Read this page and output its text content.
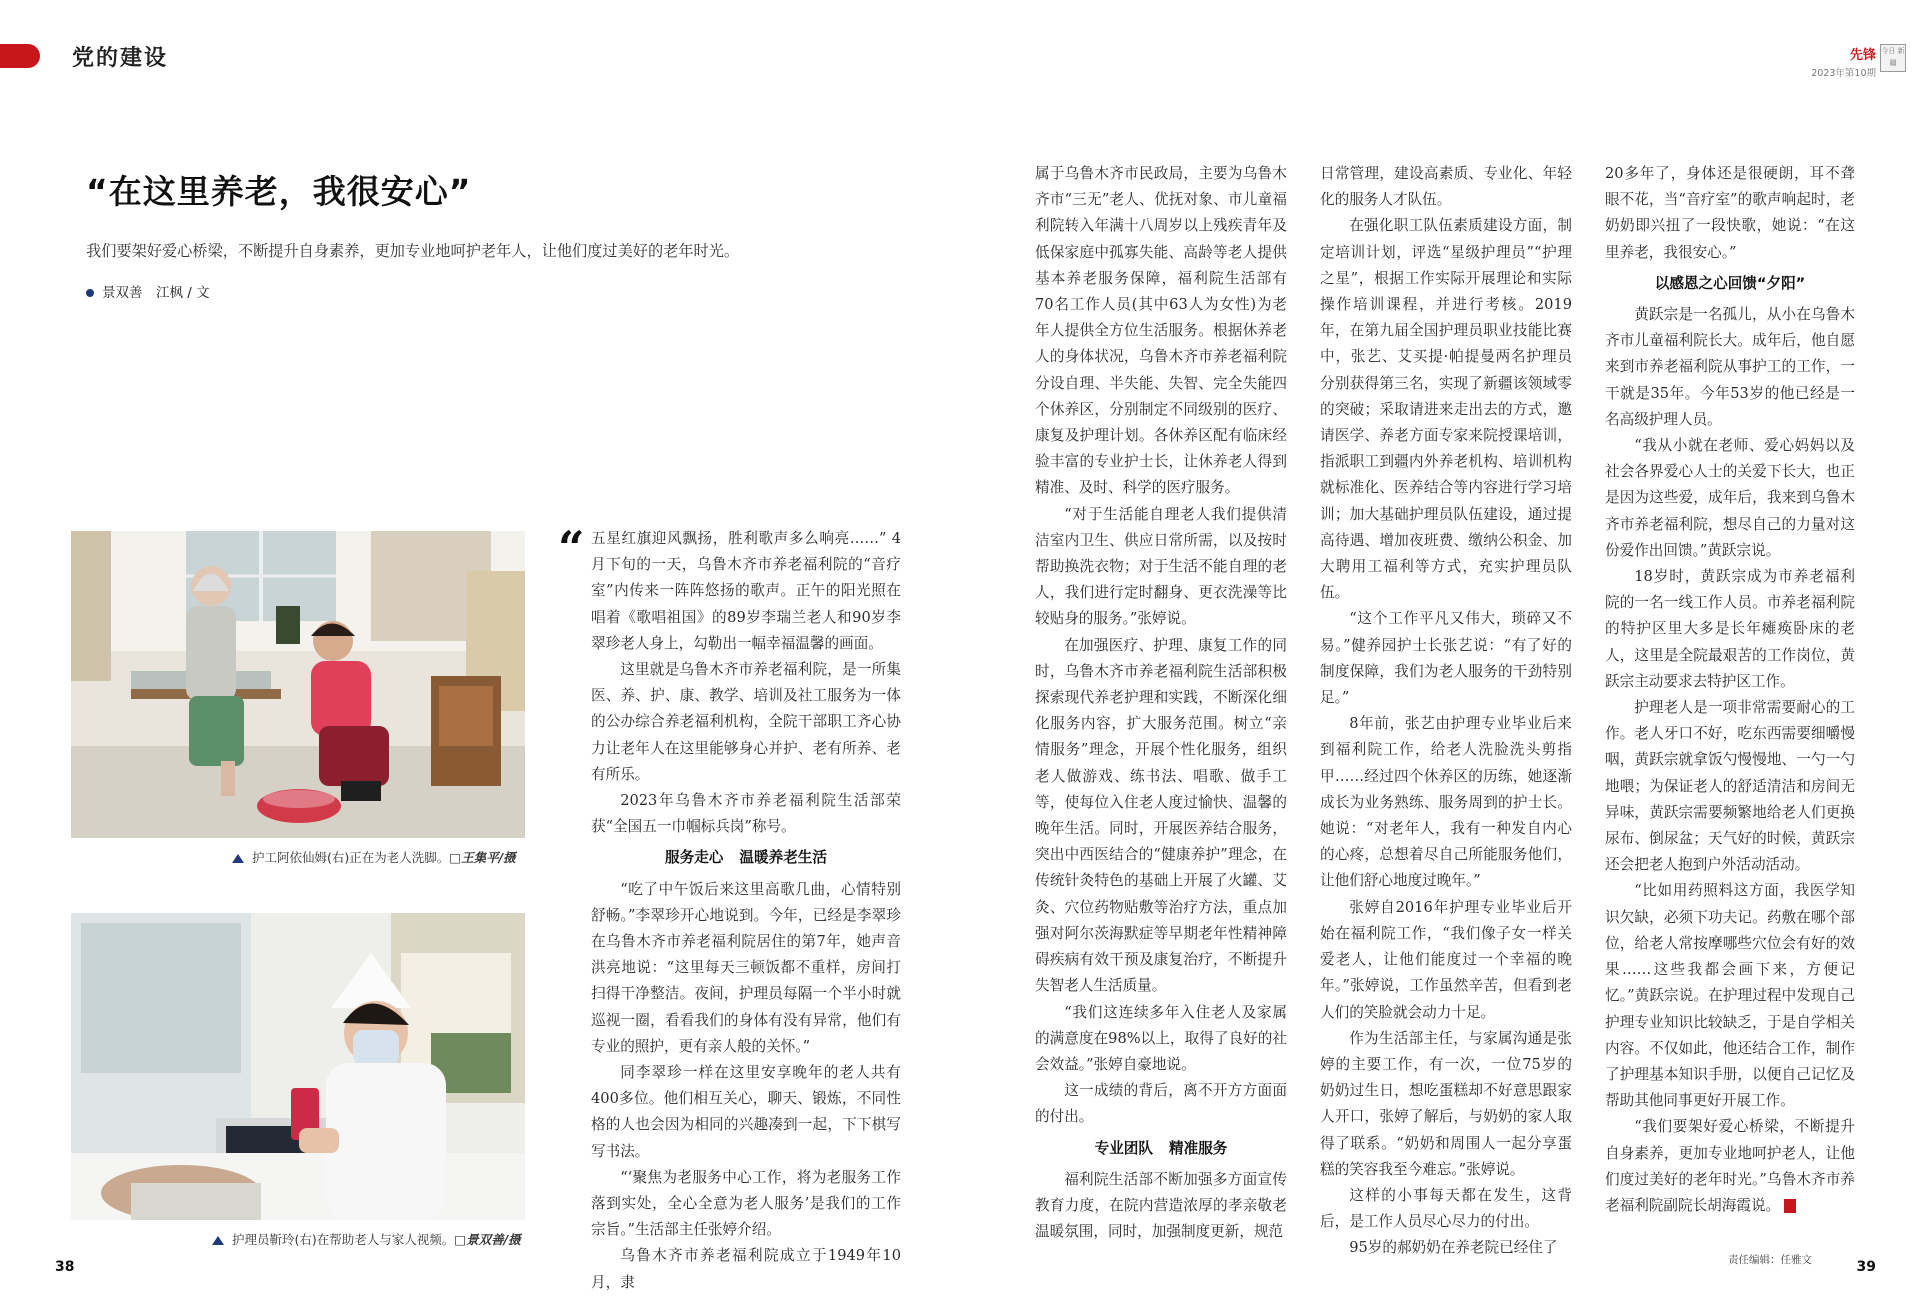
党的建设	先锋
2023年第10期
今日 新疆
“在这里养老，我很安心”
我们要架好爱心桥梁，不断提升自身素养，更加专业地呵护老年人，让他们度过美好的老年时光。
景双善　江枫 / 文
护工阿依仙姆(右)正在为老人洗脚。□王集平/摄
护理员靳玲(右)在帮助老人与家人视频。□景双善/摄
“ 五星红旗迎风飘扬，胜利歌声多么响亮……” 4月下旬的一天，乌鲁木齐市养老福利院的“音疗室”内传来一阵阵悠扬的歌声。正午的阳光照在唱着《歌唱祖国》的89岁李瑞兰老人和90岁李翠珍老人身上，勾勒出一幅幸福温馨的画面。

这里就是乌鲁木齐市养老福利院，是一所集医、养、护、康、教学、培训及社工服务为一体的公办综合养老福利机构，全院干部职工齐心协力让老年人在这里能够身心并护、老有所养、老有所乐。

2023年乌鲁木齐市养老福利院生活部荣获“全国五一巾帼标兵岗”称号。

服务走心 温暖养老生活

“吃了中午饭后来这里高歌几曲，心情特别舒畅。”李翠珍开心地说到。今年，已经是李翠珍在乌鲁木齐市养老福利院居住的第7年，她声音洪亮地说：“这里每天三顿饭都不重样，房间打扫得干净整洁。夜间，护理员每隔一个半小时就巡视一圈，看看我们的身体有没有异常，他们有专业的照护，更有亲人般的关怀。”

同李翠珍一样在这里安享晚年的老人共有400多位。他们相互关心，聊天、锻炼，不同性格的人也会因为相同的兴趣凑到一起，下下棋写写书法。

“‘聚焦为老服务中心工作，将为老服务工作落到实处，全心全意为老人服务’是我们的工作宗旨。”生活部主任张婷介绍。

乌鲁木齐市养老福利院成立于1949年10月，隶

属于乌鲁木齐市民政局，主要为乌鲁木齐市“三无”老人、优抚对象、市儿童福利院转入年满十八周岁以上残疾青年及低保家庭中孤寡失能、高龄等老人提供基本养老服务保障，福利院生活部有70名工作人员(其中63人为女性)为老年人提供全方位生活服务。根据休养老人的身体状况，乌鲁木齐市养老福利院分设自理、半失能、失智、完全失能四个休养区，分别制定不同级别的医疗、康复及护理计划。各休养区配有临床经验丰富的专业护士长，让休养老人得到精准、及时、科学的医疗服务。

“对于生活能自理老人我们提供清洁室内卫生、供应日常所需，以及按时帮助换洗衣物；对于生活不能自理的老人，我们进行定时翻身、更衣洗澡等比较贴身的服务。”张婷说。

在加强医疗、护理、康复工作的同时，乌鲁木齐市养老福利院生活部积极探索现代养老护理和实践，不断深化细化服务内容，扩大服务范围。树立“亲情服务”理念，开展个性化服务，组织老人做游戏、练书法、唱歌、做手工等，使每位入住老人度过愉快、温馨的晚年生活。同时，开展医养结合服务，突出中西医结合的“健康养护”理念，在传统针灸特色的基础上开展了火罐、艾灸、穴位药物贴敷等治疗方法，重点加强对阿尔茨海默症等早期老年性精神障碍疾病有效干预及康复治疗，不断提升失智老人生活质量。

“我们这连续多年入住老人及家属的满意度在98%以上，取得了良好的社会效益。”张婷自豪地说。

这一成绩的背后，离不开方方面面的付出。

专业团队 精准服务

福利院生活部不断加强多方面宣传教育力度，在院内营造浓厚的孝亲敬老温暖氛围，同时，加强制度更新，规范

日常管理，建设高素质、专业化、年轻化的服务人才队伍。

在强化职工队伍素质建设方面，制定培训计划，评选“星级护理员”“护理之星”，根据工作实际开展理论和实际操作培训课程，并进行考核。2019年，在第九届全国护理员职业技能比赛中，张艺、艾买提·帕提曼两名护理员分别获得第三名，实现了新疆该领域零的突破；采取请进来走出去的方式，邀请医学、养老方面专家来院授课培训，指派职工到疆内外养老机构、培训机构就标准化、医养结合等内容进行学习培训；加大基础护理员队伍建设，通过提高待遇、增加夜班费、缴纳公积金、加大聘用工福利等方式，充实护理员队伍。

“这个工作平凡又伟大，琐碎又不易。”健养园护士长张艺说：“有了好的制度保障，我们为老人服务的干劲特别足。”

8年前，张艺由护理专业毕业后来到福利院工作，给老人洗脸洗头剪指甲……经过四个休养区的历练，她逐渐成长为业务熟练、服务周到的护士长。她说：“对老年人，我有一种发自内心的心疼，总想着尽自己所能服务他们，让他们舒心地度过晚年。”

张婷自2016年护理专业毕业后开始在福利院工作，“我们像子女一样关爱老人，让他们能度过一个幸福的晚年。”张婷说，工作虽然辛苦，但看到老人们的笑脸就会动力十足。

作为生活部主任，与家属沟通是张婷的主要工作，有一次，一位75岁的奶奶过生日，想吃蛋糕却不好意思跟家人开口，张婷了解后，与奶奶的家人取得了联系。“奶奶和周围人一起分享蛋糕的笑容我至今难忘。”张婷说。

这样的小事每天都在发生，这背后，是工作人员尽心尽力的付出。

95岁的郝奶奶在养老院已经住了

20多年了，身体还是很硬朗，耳不聋眼不花，当“音疗室”的歌声响起时，老奶奶即兴扭了一段快歌，她说：“在这里养老，我很安心。”

以感恩之心回馈“夕阳”

黄跃宗是一名孤儿，从小在乌鲁木齐市儿童福利院长大。成年后，他自愿来到市养老福利院从事护工的工作，一干就是35年。今年53岁的他已经是一名高级护理人员。

“我从小就在老师、爱心妈妈以及社会各界爱心人士的关爱下长大，也正是因为这些爱，成年后，我来到乌鲁木齐市养老福利院，想尽自己的力量对这份爱作出回馈。”黄跃宗说。

18岁时，黄跃宗成为市养老福利院的一名一线工作人员。市养老福利院的特护区里大多是长年瘫痪卧床的老人，这里是全院最艰苦的工作岗位，黄跃宗主动要求去特护区工作。

护理老人是一项非常需要耐心的工作。老人牙口不好，吃东西需要细嚼慢咽，黄跃宗就拿饭勺慢慢地、一勺一勺地喂；为保证老人的舒适清洁和房间无异味，黄跃宗需要频繁地给老人们更换尿布、倒尿盆；天气好的时候，黄跃宗还会把老人抱到户外活动活动。

“比如用药照料这方面，我医学知识欠缺，必须下功夫记。药敷在哪个部位，给老人常按摩哪些穴位会有好的效果……这些我都会画下来，方便记忆。”黄跃宗说。在护理过程中发现自己护理专业知识比较缺乏，于是自学相关内容。不仅如此，他还结合工作，制作了护理基本知识手册，以便自己记忆及帮助其他同事更好开展工作。

“我们要架好爱心桥梁，不断提升自身素养，更加专业地呵护老人，让他们度过美好的老年时光。”乌鲁木齐市养老福利院副院长胡海霞说。	J

38	责任编辑：任雅文	39
